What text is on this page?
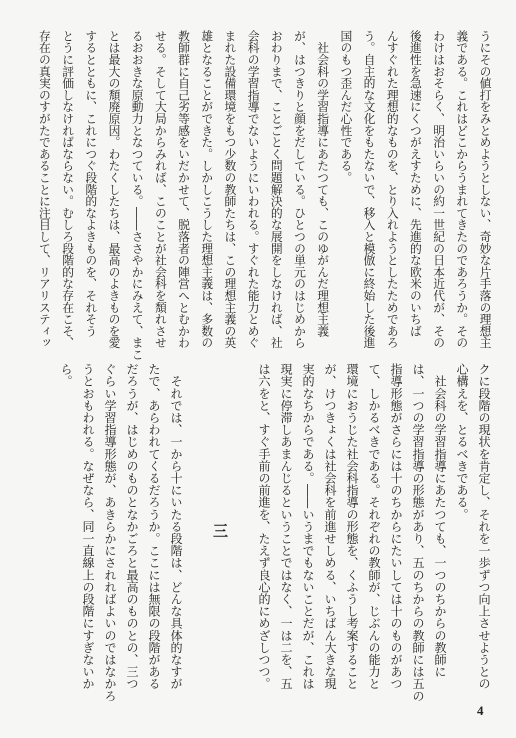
うにその値打をみとめようとしない、奇妙な片手落の理想主
義である。これはどこからうまれてきたのであろうか。その
わけはおそらく、明治いらいの約一世紀の日本近代が、その
後進性を急速にくつがえすために、先進的な欧米のいちば
んすぐれた理想的なものを、とり入れようとしたためであろ
う。自主的な文化をもたないで、移入と模倣に終始した後進
国のもつ歪んだ心性である。
　社会科の学習指導にあたつても、このゆがんだ理想主義
が、はつきりと顔をだしている。ひとつの単元のはじめから
おわりまで、ことごとく問題解決的な展開をしなければ、社
会科の学習指導でないようにいわれる。すぐれた能力とめぐ
まれた設備環境をもつ少数の教師たちは、この理想主義の英
雄となることができた。しかしこうした理想主義は、多数の
教師群に自己劣等感をいだかせて、脱落者の陣営へとむかわ
せる。そして大局からみれば、このことが社会科を頽れさせ
るおおきな原動力となつている。――ささやかにみえて、まこ
とは最大の頽廃原因。わたくしたちは、最高のよきものを愛
するとともに、これにつぐ段階的なよきものを、それそう
とうに評価しなければならない。むしろ段階的な存在こそ、
存在の真実のすがたであることに注目して、リアリスティッ
クに段階の現状を肯定し、それを一歩ずつ向上させようとの
心構えを、とるべきである。
　社会科の学習指導にあたつても、一つのちからの教師に
は、一つの学習指導の形態があり、五のちからの教師には五の
指導形態がさらには十のちからにたいしては十のものがあつ
て、しかるべきである。それぞれの教師が、じぶんの能力と
環境におうじた社会科指導の形態を、くふうし考案すること
が、けつきょくは社会科を前進せしめる、いちばん大きな現
実的なちからである。――いうまでもないことだが、これは
現実に停滞しあまんじるということではなく、一は二を、五
は六をと、すぐ手前の前進を、たえず良心的にめざしつつ。
三
　それでは、一から十にいたる段階は、どんな具体的なすが
たで、あらわれてくるだろうか。ここには無限の段階がある
だろうが、はじめのものとなかごろと最高のものとの、三つ
ぐらい学習指導形態が、あきらかにされればよいのではなかろ
うとおもわれる。なぜなら、同一直線上の段階にすぎないか
ら。
4
